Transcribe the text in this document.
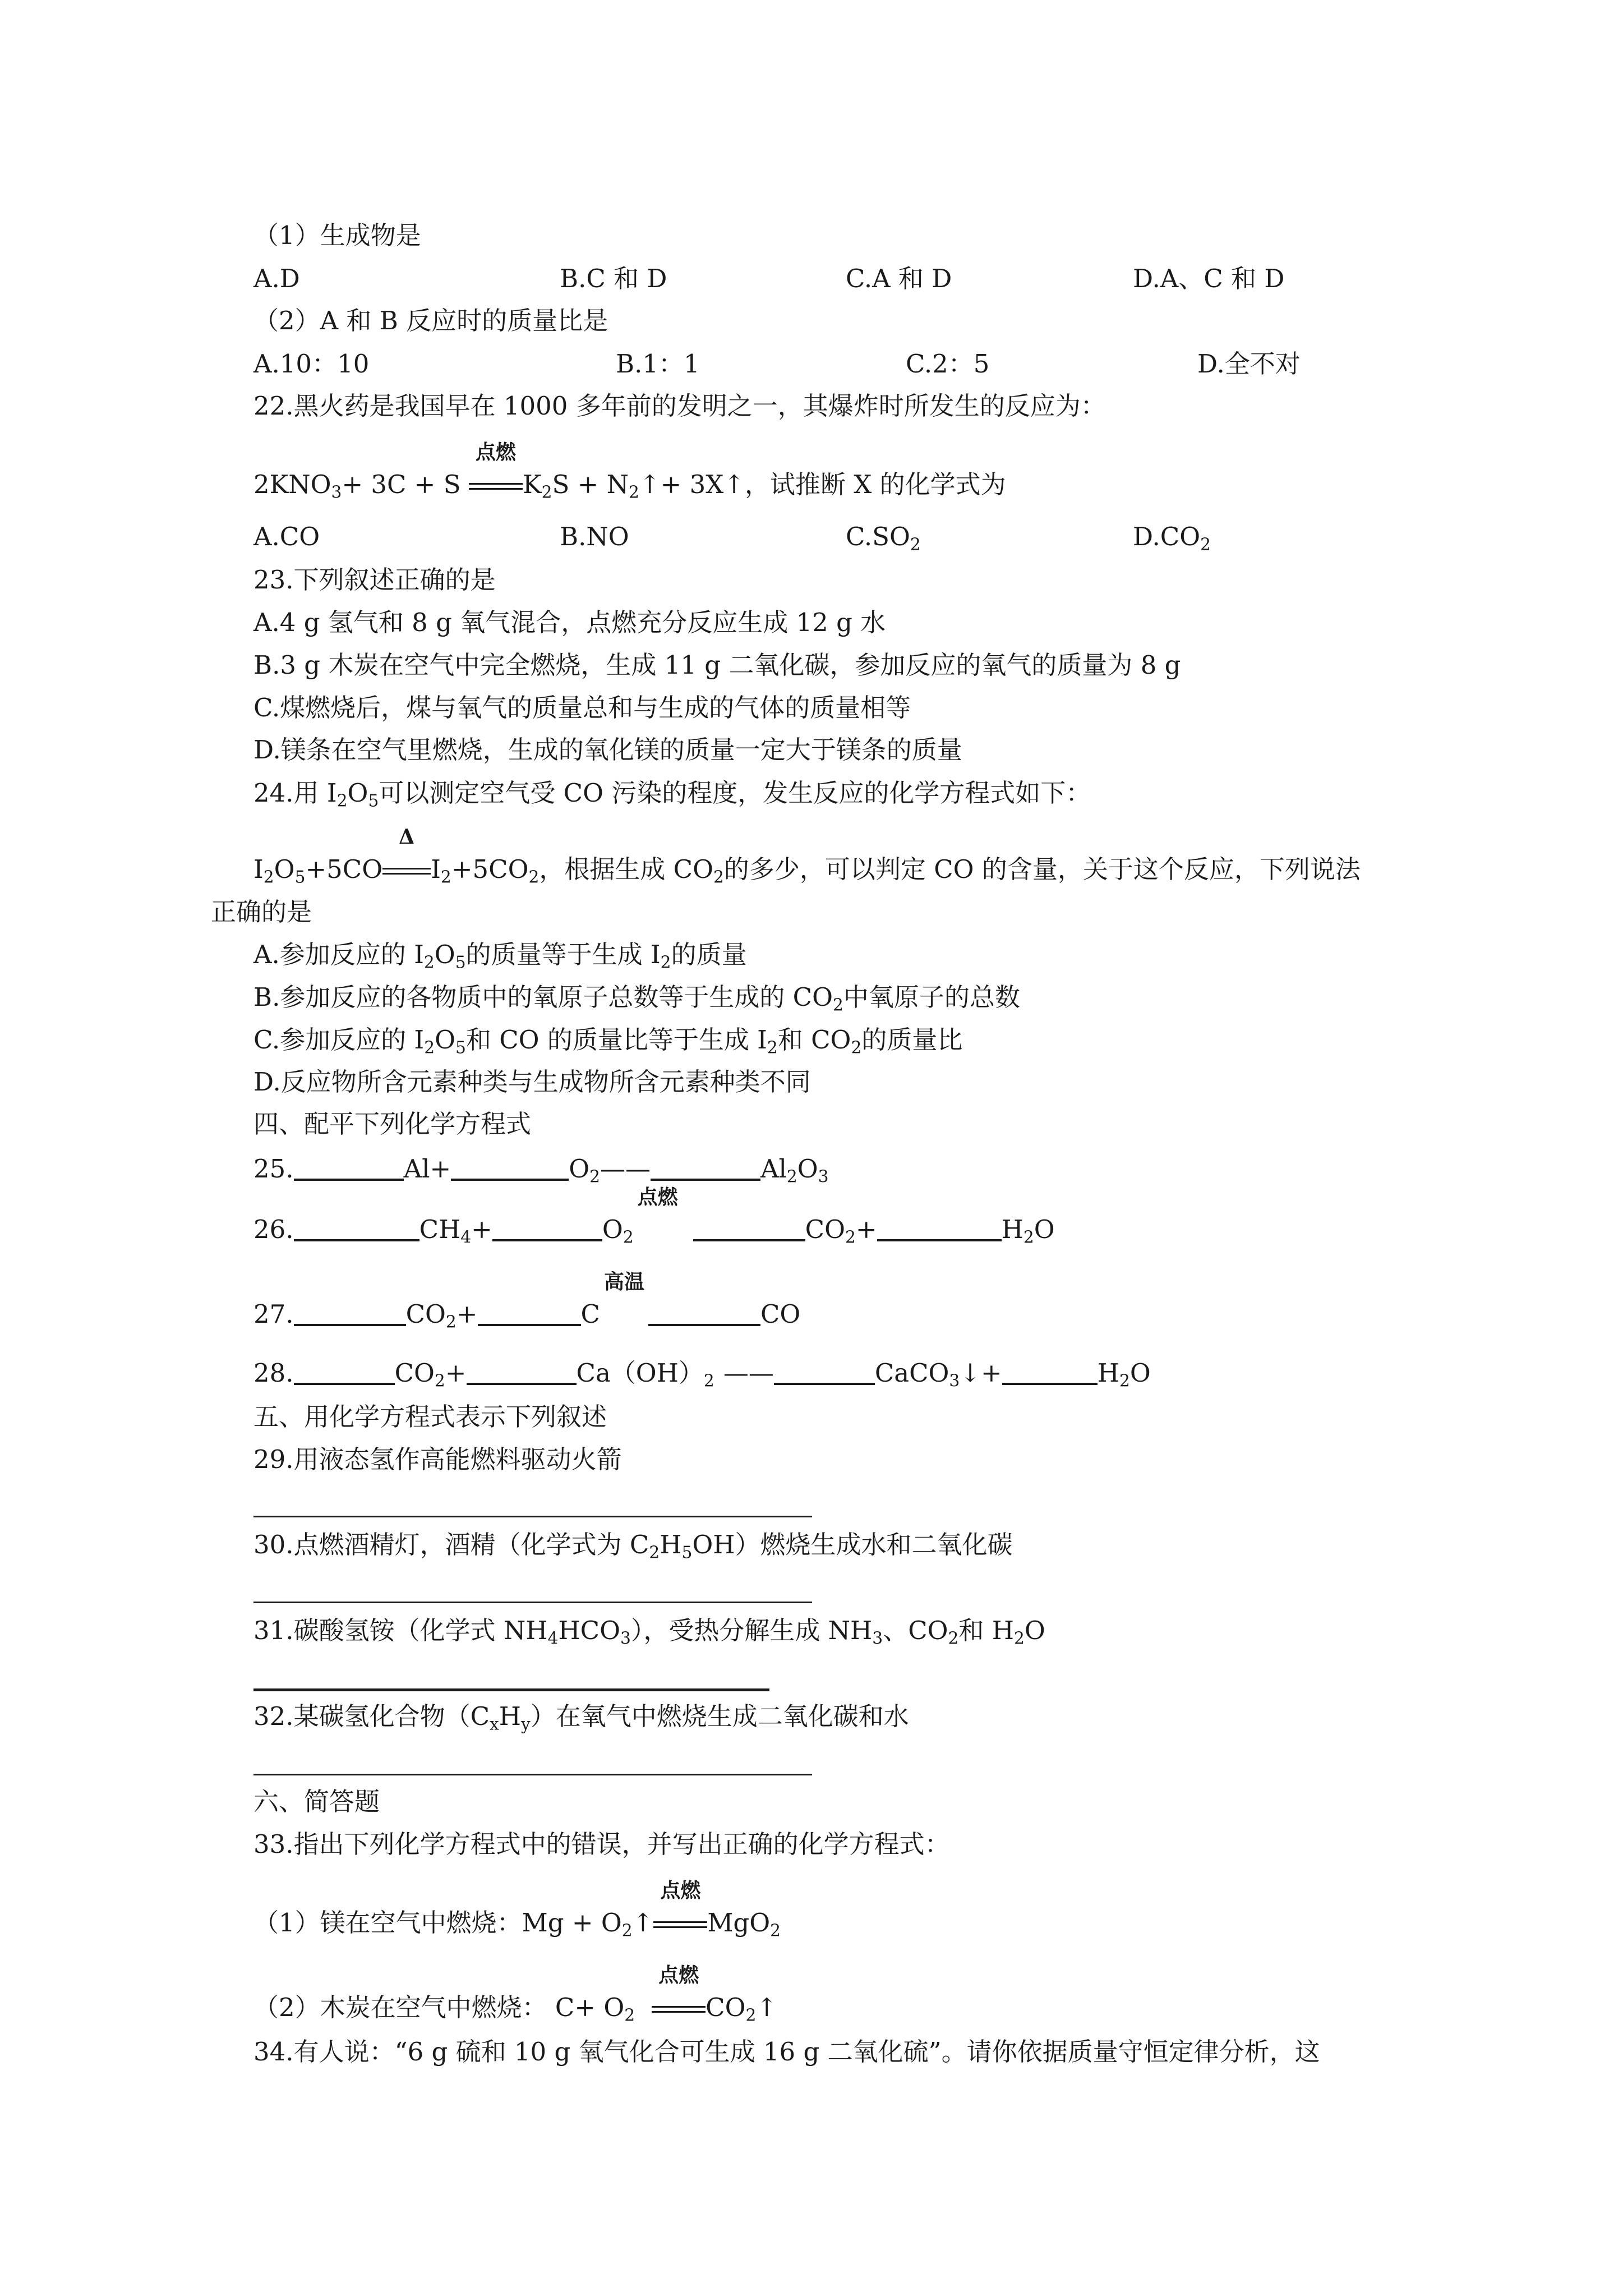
（1）生成物是
A.D	B.C 和 D	C.A 和 D	D.A、C 和 D
（2）A 和 B 反应时的质量比是
A.10：10	B.1：1	C.2：5	D.全不对
22.黑火药是我国早在 1000 多年前的发明之一，其爆炸时所发生的反应为：
$2KNO_3+ 3C + S$
点燃
$K_2S$ + $N_2↑+$ 3X↑，试推断 X 的化学式为
A.CO	B.NO	$C.SO_2$	$D.CO_2$
23.下列叙述正确的是
A.4 g 氢气和 8 g 氧气混合，点燃充分反应生成 12 g 水
B.3 g 木炭在空气中完全燃烧，生成 11 g 二氧化碳，参加反应的氧气的质量为 8 g
C.煤燃烧后，煤与氧气的质量总和与生成的气体的质量相等
D.镁条在空气里燃烧，生成的氧化镁的质量一定大于镁条的质量
24.用 $I_2O_5$可以测定空气受 CO 污染的程度，发生反应的化学方程式如下：
$I_2O_5+5CO$
Δ
$I_2+5CO_2$，根据生成 $CO_2$的多少，可以判定 CO 的含量，关于这个反应，下列说法
正确的是
A.参加反应的 $I_2O_5$的质量等于生成 $I_2$的质量
B.参加反应的各物质中的氧原子总数等于生成的 $CO_2$中氧原子的总数
C.参加反应的 $I_2O_5$和 CO 的质量比等于生成 $I_2$和 $CO_2$的质量比
D.反应物所含元素种类与生成物所含元素种类不同
四、配平下列化学方程式
25.	Al+	$O_2——$	$Al_2O_3$
26.	$CH_4+$	$O_2$
点燃
$CO_2+$	$H_2O$
27.	$CO_2+$	C
高温
CO
28.	$CO_2+$	$Ca(OH)_2$ ——	CaCO$_3$↓+	$H_2O$
五、用化学方程式表示下列叙述
29.用液态氢作高能燃料驱动火箭
30.点燃酒精灯，酒精（化学式为 $C_2H_5OH$）燃烧生成水和二氧化碳
31.碳酸氢铵（化学式 $NH_4HCO_3$），受热分解生成 $NH_3$、$CO_2$和 $H_2O$
32.某碳氢化合物$(C_xH_y)$在氧气中燃烧生成二氧化碳和水
六、简答题
33.指出下列化学方程式中的错误，并写出正确的化学方程式：
（1）镁在空气中燃烧：$Mg + O_2↑$
点燃
MgO$_2$
（2）木炭在空气中燃烧： $C+ O_2$
点燃
$CO_2↑$
34.有人说：“6 g 硫和 10 g 氧气化合可生成 16 g 二氧化硫”。请你依据质量守恒定律分析，这
